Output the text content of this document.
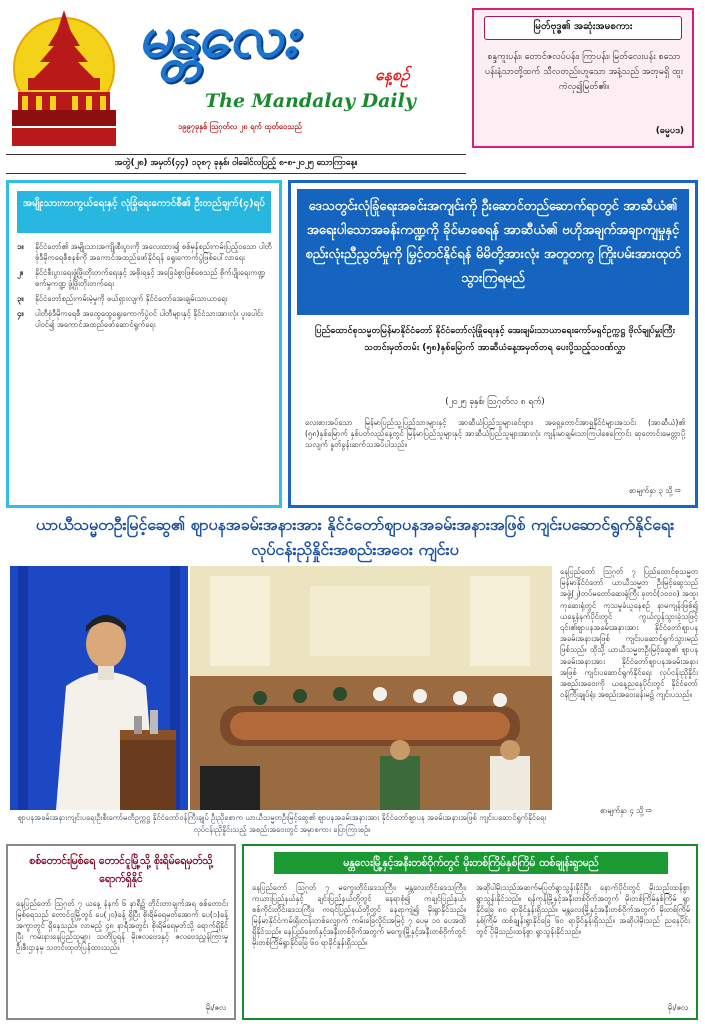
မန္တလေး
နေ့စဉ်
The Mandalay Daily
၁၉၉၇ခုနှစ် ဩဂုတ်လ ၂၈ ရက် ထုတ်ဝေသည်
မြတ်ဗုဒ္ဓ၏ အဆုံးအမစကား
စန္ဒကူးပန်း၊ တောင်ဇလပ်ပန်း၊ ကြာပန်း၊ မြတ်လေးပန်း စသော ပန်းနံ့သာတို့ထက် သီလတည်းဟူသော အနံ့သည် အတုမရှိ ထူးကဲလှ၍မြတ်၏။
(ဓမ္မပဒ)
အတွဲ(၂၈) အမှတ်(၄၄) ၁၃၈၇ ခုနှစ်၊ ဝါခေါင်လပြည့် ၈-၈-၂၀၂၅ သောကြာနေ့။
အမျိုးသားကာကွယ်ရေးနှင့် လုံခြုံရေးကောင်စီ၏ ဦးတည်ချက်(၄)ရပ်
၁။	နိုင်ငံတော်၏ အမျိုးသားအကျိုးစီးပွားကို အလေးထား၍ စစ်မှန်စည်းကမ်းပြည့်ဝသော ပါတီစုံဒီမိုကရေစီစနစ်ကို အကောင်အထည်ဖော်နိုင်ရန် ရွေးကောက်ပွဲဖြစ်ပေါ်လာရေး
၂။	နိုင်ငံစီးပွားရေးဖွံ့ဖြိုးတိုးတက်ရေးနှင့် အစိုးရနှင့် အခြေခံစွာဖြစ်စေသည် စိုက်ပျိုးရေးကဏ္ဍ စက်မှုကဏ္ဍ ဖွံ့ဖြိုးတိုးတက်ရေး
၃။	နိုင်ငံတော်စည်းကမ်းမဲ့မှုကို ဖယ်ရှားလျက် နိုင်ငံတော်အေးချမ်းသာယာရေး
၄။	ပါတီစုံဒီမိုကရေစီ အထွေထွေရွေးကောက်ပွဲဝင် ပါတီများနှင့် နိုင်ငံသားအားလုံး ပူးပေါင်းပါဝင်၍ အကောင်အထည်ဖော်ဆောင်ရွက်ရေး
ဒေသတွင်းလုံခြုံရေးအခင်းအကျင်းကို ဦးဆောင်တည်ဆောက်ရာတွင် အာဆီယံ၏ အရေးပါသောအခန်းကဏ္ဍကို ခိုင်မာစေရန် အာဆီယံ၏ ဗဟိုအချက်အချာကျမှုနှင့် စည်းလုံးညီညွတ်မှုကို မြှင့်တင်နိုင်ရန် မိမိတို့အားလုံး အတူတကွ ကြိုးပမ်းအားထုတ်သွားကြရမည်
ပြည်ထောင်စုသမ္မတမြန်မာနိုင်ငံတော် နိုင်ငံတော်လုံခြုံရေးနှင့် အေးချမ်းသာယာရေးကော်မရှင်ဥက္ကဋ္ဌ ဗိုလ်ချုပ်မှူးကြီး သတင်းမှတ်တမ်း (၅၈)နှစ်မြောက် အာဆီယံနေ့အမှတ်တရ ပေးပို့သည့်သဝဏ်လွှာ
(၂၀၂၅ ခုနှစ်၊ ဩဂုတ်လ ၈ ရက်)
လေးစားအပ်သော မြန်မာပြည်သူ့ပြည်သားများနှင့် အာဆီယံပြည်သူများခင်ဗျား၊ အရှေ့တောင်အာရှနိုင်ငံများအသင်း (အာဆီယံ)၏ (၅၈)နှစ်မြောက် နှစ်ပတ်လည်နေ့တွင် မြန်မာပြည်သူများနှင့် အာဆီယံပြည်သူများအားလုံး ကျန်းမာချမ်းသာကြပါစေကြောင်း ဆုတောင်းမေတ္တာပို့သလျက် နှုတ်ခွန်းဆက်သအပ်ပါသည်။
စာမျက်နှာ ၃ သို့ ⇨
ယာယီသမ္မတဦးမြင့်ဆွေ၏ ဈာပနအခမ်းအနားအား နိုင်ငံတော်ဈာပနအခမ်းအနားအဖြစ် ကျင်းပဆောင်ရွက်နိုင်ရေး လုပ်ငန်းညှိနှိုင်းအစည်းအဝေး ကျင်းပ
ဈာပနအခမ်းအနားကျင်းပရေးဦးစီးကော်မတီဥက္ကဋ္ဌ နိုင်ငံတော်ဝန်ကြီးချုပ် ဦးညိုစောက ယာယီသမ္မတဦးမြင့်ဆွေ၏ ဈာပနအခမ်းအနားအား နိုင်ငံတော်ဈာပန အခမ်းအနားအဖြစ် ကျင်းပဆောင်ရွက်နိုင်ရေး လုပ်ငန်းညှိနှိုင်းသည့် အစည်းအဝေးတွင် အမှာစကား ပြောကြားစဉ်။
နေပြည်တော် ဩဂုတ် ၇ ပြည်ထောင်စုသမ္မတ မြန်မာနိုင်ငံတော် ယာယီသမ္မတ ဦးမြင့်ဆွေသည် အဖွဲ့(၂)တပ်မတော်ဆေးရုံကြီး ခုတင်(၁၀၀၀) အထူးကုဆေးရုံတွင် ကုသမှုခံယူနေစဉ် နာမကျန်းဖြစ်၍ ယနေ့နံနက်ပိုင်းတွင် ကွယ်လွန်သွားခဲ့သဖြင့် ၎င်း၏ဈာပနအခမ်းအနားအား နိုင်ငံတော်ဈာပနအခမ်းအနားအဖြစ် ကျင်းပဆောင်ရွက်သွားမည်ဖြစ်သည်။ ထိုသို့ ယာယီသမ္မတဦးမြင့်ဆွေ၏ ဈာပနအခမ်းအနားအား နိုင်ငံတော်ဈာပနအခမ်းအနားအဖြစ် ကျင်းပဆောင်ရွက်နိုင်ရေး လုပ်ငန်းညှိနှိုင်းအစည်းအဝေးကို ယနေ့ညနေပိုင်းတွင် နိုင်ငံတော်ဝန်ကြီးချုပ်ရုံး အစည်းအဝေးခန်းမ၌ ကျင်းပသည်။
စာမျက်နှာ ၄ သို့ ⇨
စစ်တောင်းမြစ်ရေ တောင်ငူမြို့သို့ စိုးရိမ်ရေမှတ်သို့ ရောက်ရှိနိုင်
နေပြည်တော် ဩဂုတ် ၇ ယနေ့ နံနက် ၆ နာရီ၌ တိုင်းတာချက်အရ စစ်တောင်းမြစ်ရေသည် တောင်ငူမြို့တွင် ပေ(၂၀)ခန့် ရှိပြီး စိုးရိမ်ရေမှတ်အောက် ပေ(၁)ခန့်အကွာတွင် ရှိနေသည်။ လာမည့် ၄၈ နာရီအတွင်း စိုးရိမ်ရေမှတ်သို့ ရောက်ရှိနိုင်ပြီး ကမ်းနားနေပြည်သူများ သတိပြုရန် မိုးဇလဗေဒနှင့် ဇလဗေဒညွှန်ကြားမှုဦးစီးဌာနမှ သတင်းထုတ်ပြန်ထားသည်။
မိုး/ဇလ
မန္တလေးမြို့နှင့်အနီးတစ်ဝိုက်တွင် မိုးတစ်ကြိမ်နှစ်ကြိမ် ထစ်ချုန်းရွာမည်
နေပြည်တော် ဩဂုတ် ၇ မကွေးတိုင်းဒေသကြီး၊ မန္တလေးတိုင်းဒေသကြီး၊ ကယားပြည်နယ်နှင့် ချင်းပြည်နယ်တို့တွင် နေရာစုံ၍ ကချင်ပြည်နယ်၊ စစ်ကိုင်းတိုင်းဒေသကြီး၊ ကရင်ပြည်နယ်တို့တွင် နေရာကျဲ၍ မိုးရွာနိုင်သည်။ မြန်မာနိုင်ငံကမ်းရိုးတန်းတစ်လျှောက် ကမ်းခြေလှိုင်းအမြင့် ၇ ပေမှ ၁၀ ပေအထိ ရှိနိုင်သည်။ နေပြည်တော်နှင့်အနီးတစ်ဝိုက်အတွက် မကွေးမြို့နှင့်အနီးတစ်ဝိုက်တွင် မိုးတစ်ကြိမ်ရွာနိုင်ခြေ ၆၀ ရာခိုင်နှုန်းရှိသည်။
အဆိုပါမိုးသည်အဆက်မပြတ်ရွာသွန်းနိုင်ပြီး နောက်ပိုင်းတွင် မိုးသည်းထန်စွာရွာသွန်းနိုင်သည်။ ရန်ကုန်မြို့နှင့်အနီးတစ်ဝိုက်အတွက် မိုးတစ်ကြိမ်နှစ်ကြိမ် ရွာနိုင်ခြေ ၈၀ ရာခိုင်နှုန်းရှိသည်။ မန္တလေးမြို့နှင့်အနီးတစ်ဝိုက်အတွက် မိုးတစ်ကြိမ်နှစ်ကြိမ် ထစ်ချုန်းရွာနိုင်ခြေ ၆၀ ရာခိုင်နှုန်းရှိသည်။ အဆိုပါမိုးသည် ညနေပိုင်းတွင် ပိုမိုသည်းထန်စွာ ရွာသွန်းနိုင်သည်။
မိုး/ဇလ
